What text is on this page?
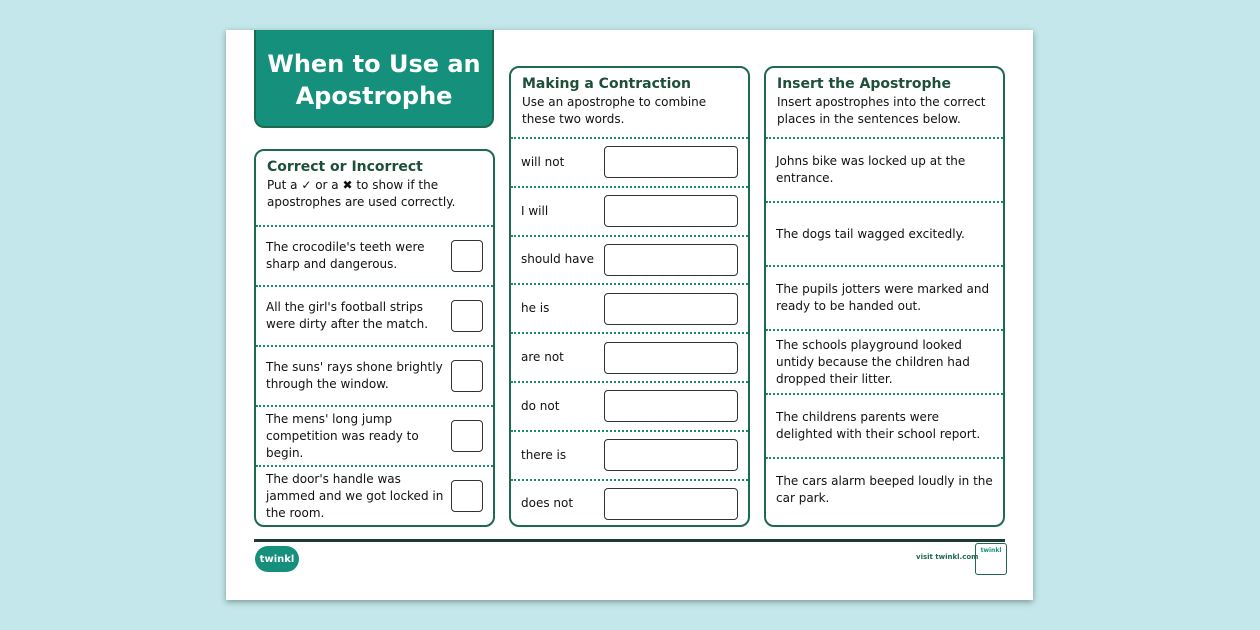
When to Use an Apostrophe
Correct or Incorrect
Put a ✓ or a ✖ to show if the apostrophes are used correctly.
The crocodile's teeth were sharp and dangerous.
All the girl's football strips were dirty after the match.
The suns' rays shone brightly through the window.
The mens' long jump competition was ready to begin.
The door's handle was jammed and we got locked in the room.
Making a Contraction
Use an apostrophe to combine these two words.
will not
I will
should have
he is
are not
do not
there is
does not
Insert the Apostrophe
Insert apostrophes into the correct places in the sentences below.
Johns bike was locked up at the entrance.
The dogs tail wagged excitedly.
The pupils jotters were marked and ready to be handed out.
The schools playground looked untidy because the children had dropped their litter.
The childrens parents were delighted with their school report.
The cars alarm beeped loudly in the car park.
twinkl	visit twinkl.com
twinkl
